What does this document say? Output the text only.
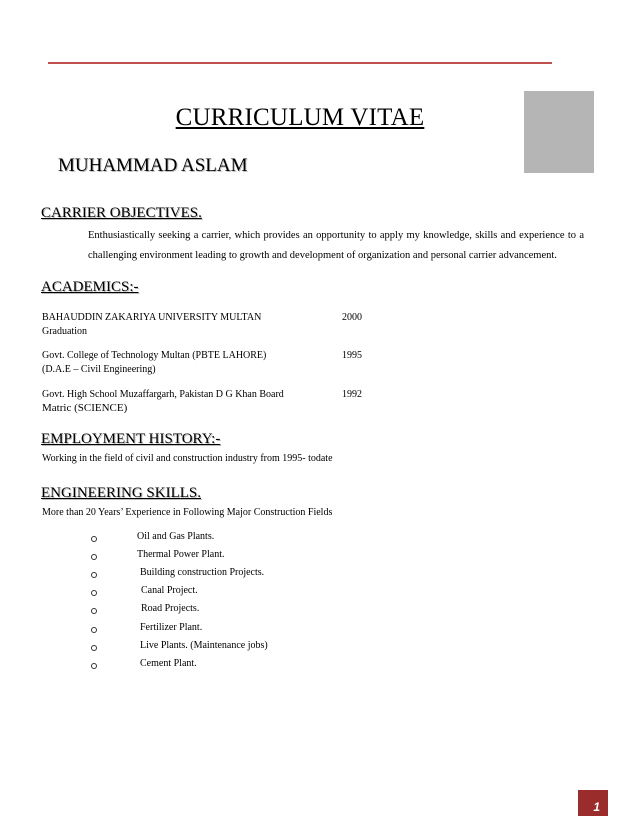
CURRICULUM VITAE
MUHAMMAD ASLAM
CARRIER OBJECTIVES.
Enthusiastically seeking a carrier, which provides an opportunity to apply my knowledge, skills and experience to a challenging environment leading to growth and development of organization and personal carrier advancement.
ACADEMICS:-
BAHAUDDIN ZAKARIYA UNIVERSITY MULTAN	2000
Graduation
Govt. College of Technology Multan (PBTE LAHORE)	1995
(D.A.E – Civil Engineering)
Govt. High School Muzaffargarh, Pakistan D G Khan Board	1992
Matric (SCIENCE)
EMPLOYMENT HISTORY:-
Working in the field of civil and construction industry from 1995- todate
ENGINEERING SKILLS.
More than 20 Years’ Experience in Following Major Construction Fields
Oil and Gas Plants.
Thermal Power Plant.
Building construction Projects.
Canal Project.
Road Projects.
Fertilizer Plant.
Live Plants. (Maintenance jobs)
Cement Plant.
1
